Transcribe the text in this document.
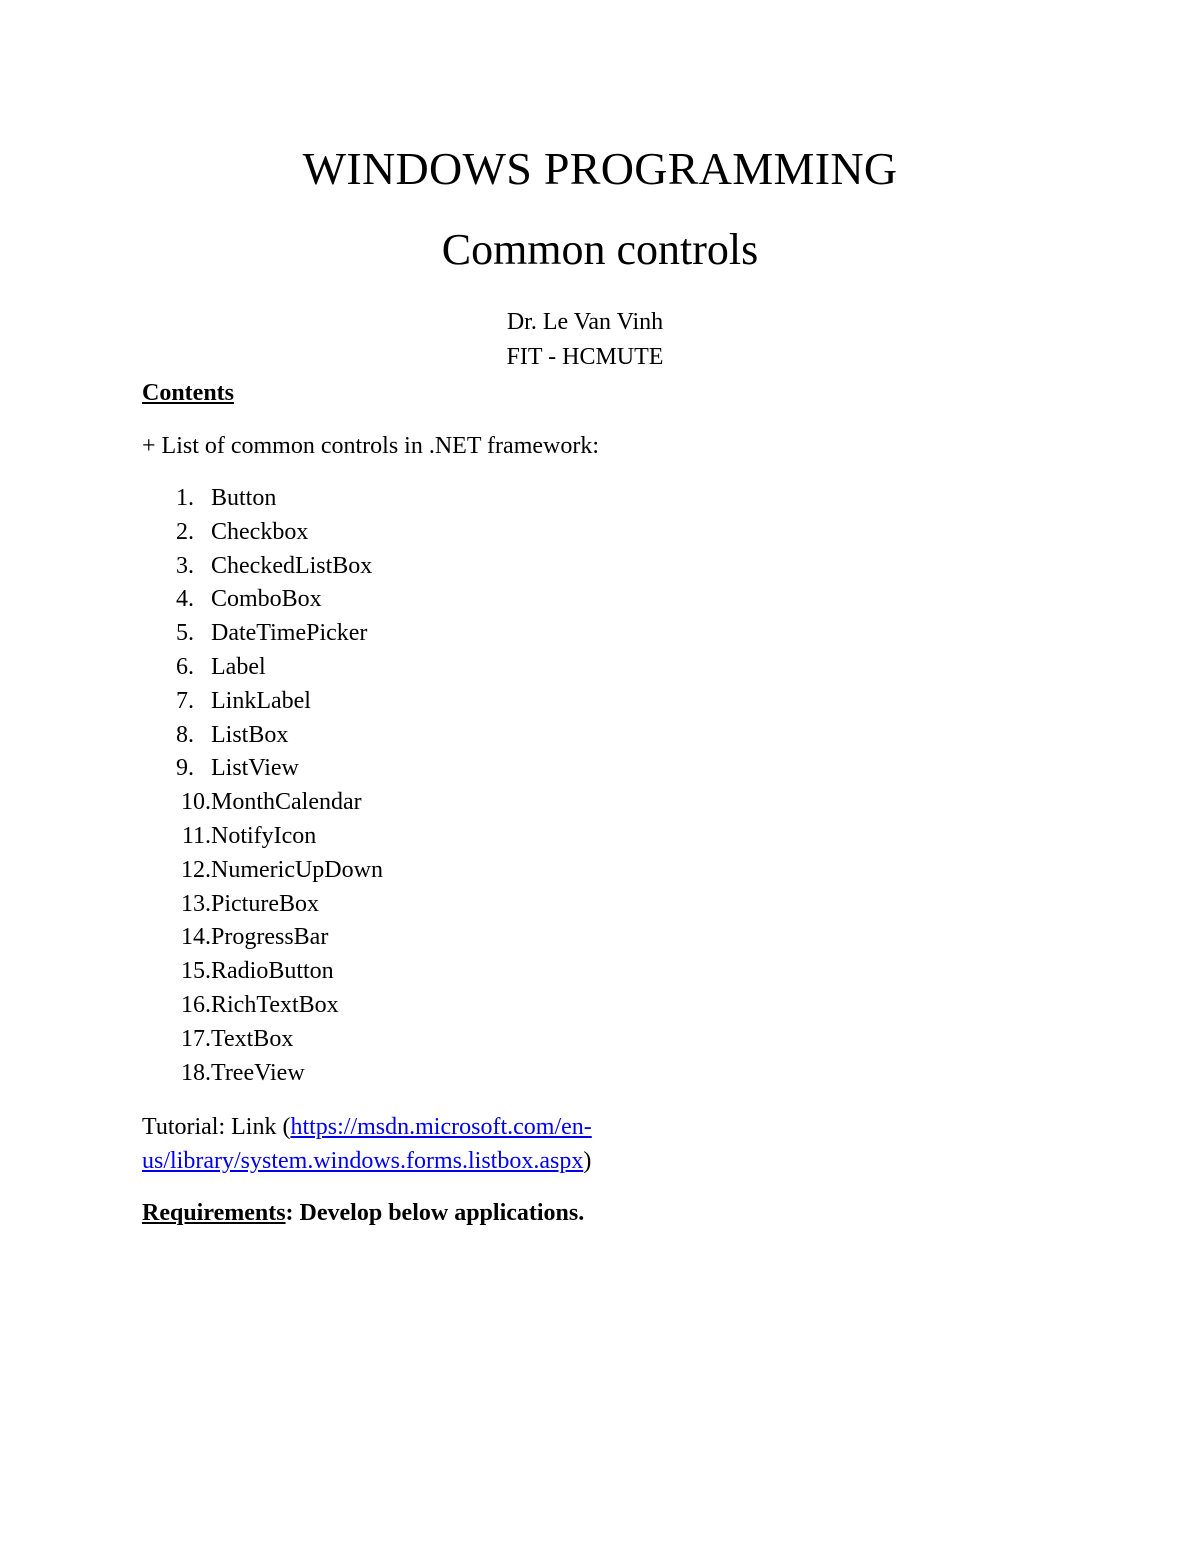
WINDOWS PROGRAMMING
Common controls
Dr. Le Van Vinh
FIT - HCMUTE
Contents
+ List of common controls in .NET framework:
1. Button
2. Checkbox
3. CheckedListBox
4. ComboBox
5. DateTimePicker
6. Label
7. LinkLabel
8. ListBox
9. ListView
10. MonthCalendar
11. NotifyIcon
12. NumericUpDown
13. PictureBox
14. ProgressBar
15. RadioButton
16. RichTextBox
17. TextBox
18. TreeView
Tutorial: Link (https://msdn.microsoft.com/en-us/library/system.windows.forms.listbox.aspx)
Requirements: Develop below applications.
